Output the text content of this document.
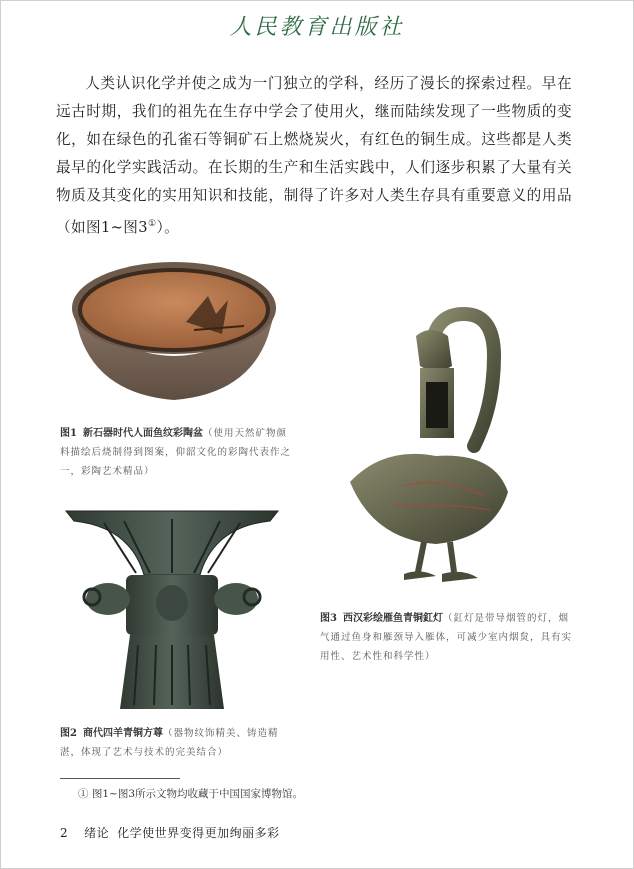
人民教育出版社

人类认识化学并使之成为一门独立的学科，经历了漫长的探索过程。早在远古时期，我们的祖先在生存中学会了使用火，继而陆续发现了一些物质的变化，如在绿色的孔雀石等铜矿石上燃烧炭火，有红色的铜生成。这些都是人类最早的化学实践活动。在长期的生产和生活实践中，人们逐步积累了大量有关物质及其变化的实用知识和技能，制得了许多对人类生存具有重要意义的用品（如图1~图3①）。

图1 新石器时代人面鱼纹彩陶盆（使用天然矿物颜料描绘后烧制得到图案，仰韶文化的彩陶代表作之一，彩陶艺术精品）

图2 商代四羊青铜方尊（器物纹饰精美、铸造精湛，体现了艺术与技术的完美结合）

图3 西汉彩绘雁鱼青铜釭灯（釭灯是带导烟管的灯，烟气通过鱼身和雁颈导入雁体，可减少室内烟炱，具有实用性、艺术性和科学性）

① 图1~图3所示文物均收藏于中国国家博物馆。
2 绪论 化学使世界变得更加绚丽多彩
